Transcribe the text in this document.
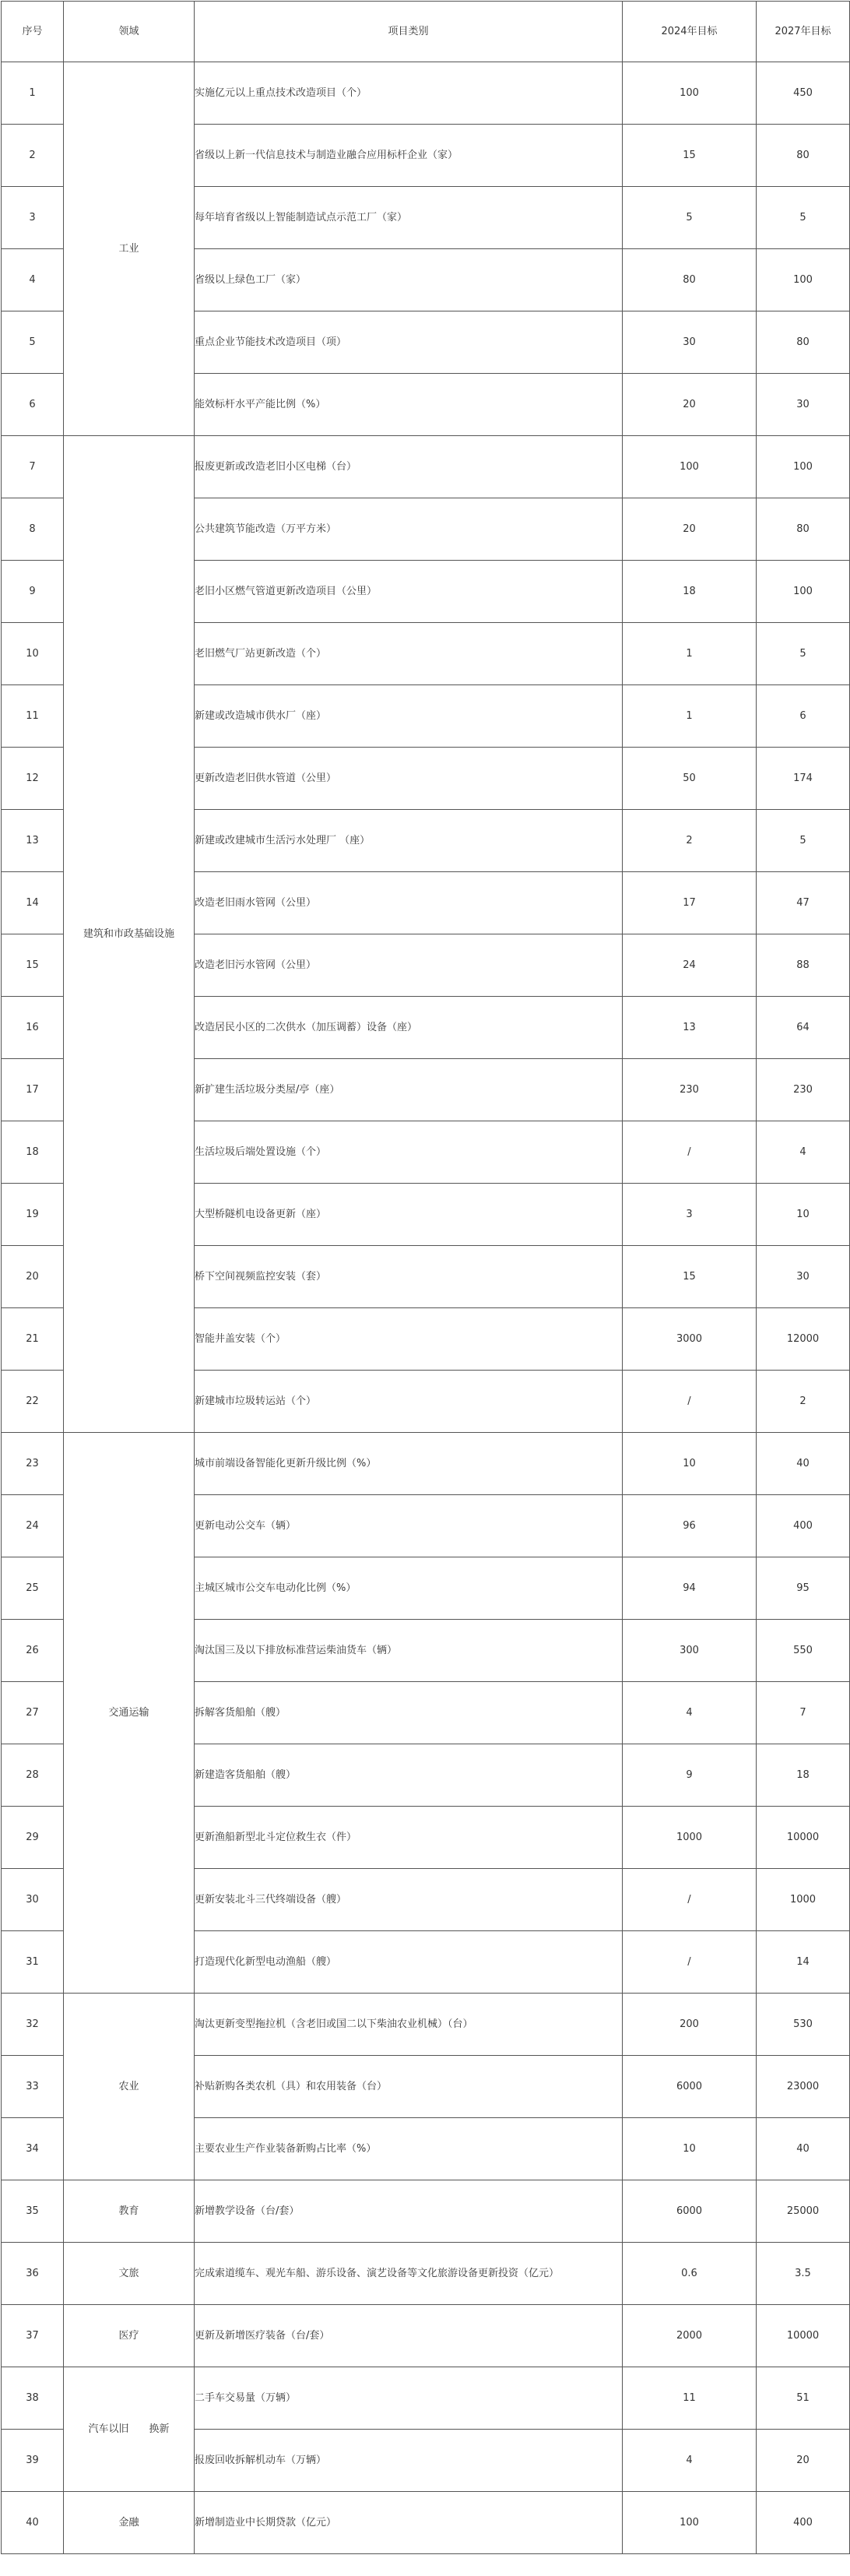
序号	领域	项目类别	2024年目标	2027年目标
1	工业	实施亿元以上重点技术改造项目（个）	100	450
2		省级以上新一代信息技术与制造业融合应用标杆企业（家）	15	80
3		每年培育省级以上智能制造试点示范工厂（家）	5	5
4		省级以上绿色工厂（家）	80	100
5		重点企业节能技术改造项目（项）	30	80
6		能效标杆水平产能比例（%）	20	30
7	建筑和市政基础设施	报废更新或改造老旧小区电梯（台）	100	100
8		公共建筑节能改造（万平方米）	20	80
9		老旧小区燃气管道更新改造项目（公里）	18	100
10		老旧燃气厂站更新改造（个）	1	5
11		新建或改造城市供水厂（座）	1	6
12		更新改造老旧供水管道（公里）	50	174
13		新建或改建城市生活污水处理厂 （座）	2	5
14		改造老旧雨水管网（公里）	17	47
15		改造老旧污水管网（公里）	24	88
16		改造居民小区的二次供水（加压调蓄）设备（座）	13	64
17		新扩建生活垃圾分类屋/亭（座）	230	230
18		生活垃圾后端处置设施（个）	/	4
19		大型桥隧机电设备更新（座）	3	10
20		桥下空间视频监控安装（套）	15	30
21		智能井盖安装（个）	3000	12000
22		新建城市垃圾转运站（个）	/	2
23	交通运输	城市前端设备智能化更新升级比例（%）	10	40
24		更新电动公交车（辆）	96	400
25		主城区城市公交车电动化比例（%）	94	95
26		淘汰国三及以下排放标准营运柴油货车（辆）	300	550
27		拆解客货船舶（艘）	4	7
28		新建造客货船舶（艘）	9	18
29		更新渔船新型北斗定位救生衣（件）	1000	10000
30		更新安装北斗三代终端设备（艘）	/	1000
31		打造现代化新型电动渔船（艘）	/	14
32	农业	淘汰更新变型拖拉机（含老旧或国二以下柴油农业机械）（台）	200	530
33		补贴新购各类农机（具）和农用装备（台）	6000	23000
34		主要农业生产作业装备新购占比率（%）	10	40
35	教育	新增教学设备（台/套）	6000	25000
36	文旅	完成索道缆车、观光车船、游乐设备、演艺设备等文化旅游设备更新投资（亿元）	0.6	3.5
37	医疗	更新及新增医疗装备（台/套）	2000	10000
38	汽车以旧　　换新	二手车交易量（万辆）	11	51
39		报废回收拆解机动车（万辆）	4	20
40	金融	新增制造业中长期贷款（亿元）	100	400
